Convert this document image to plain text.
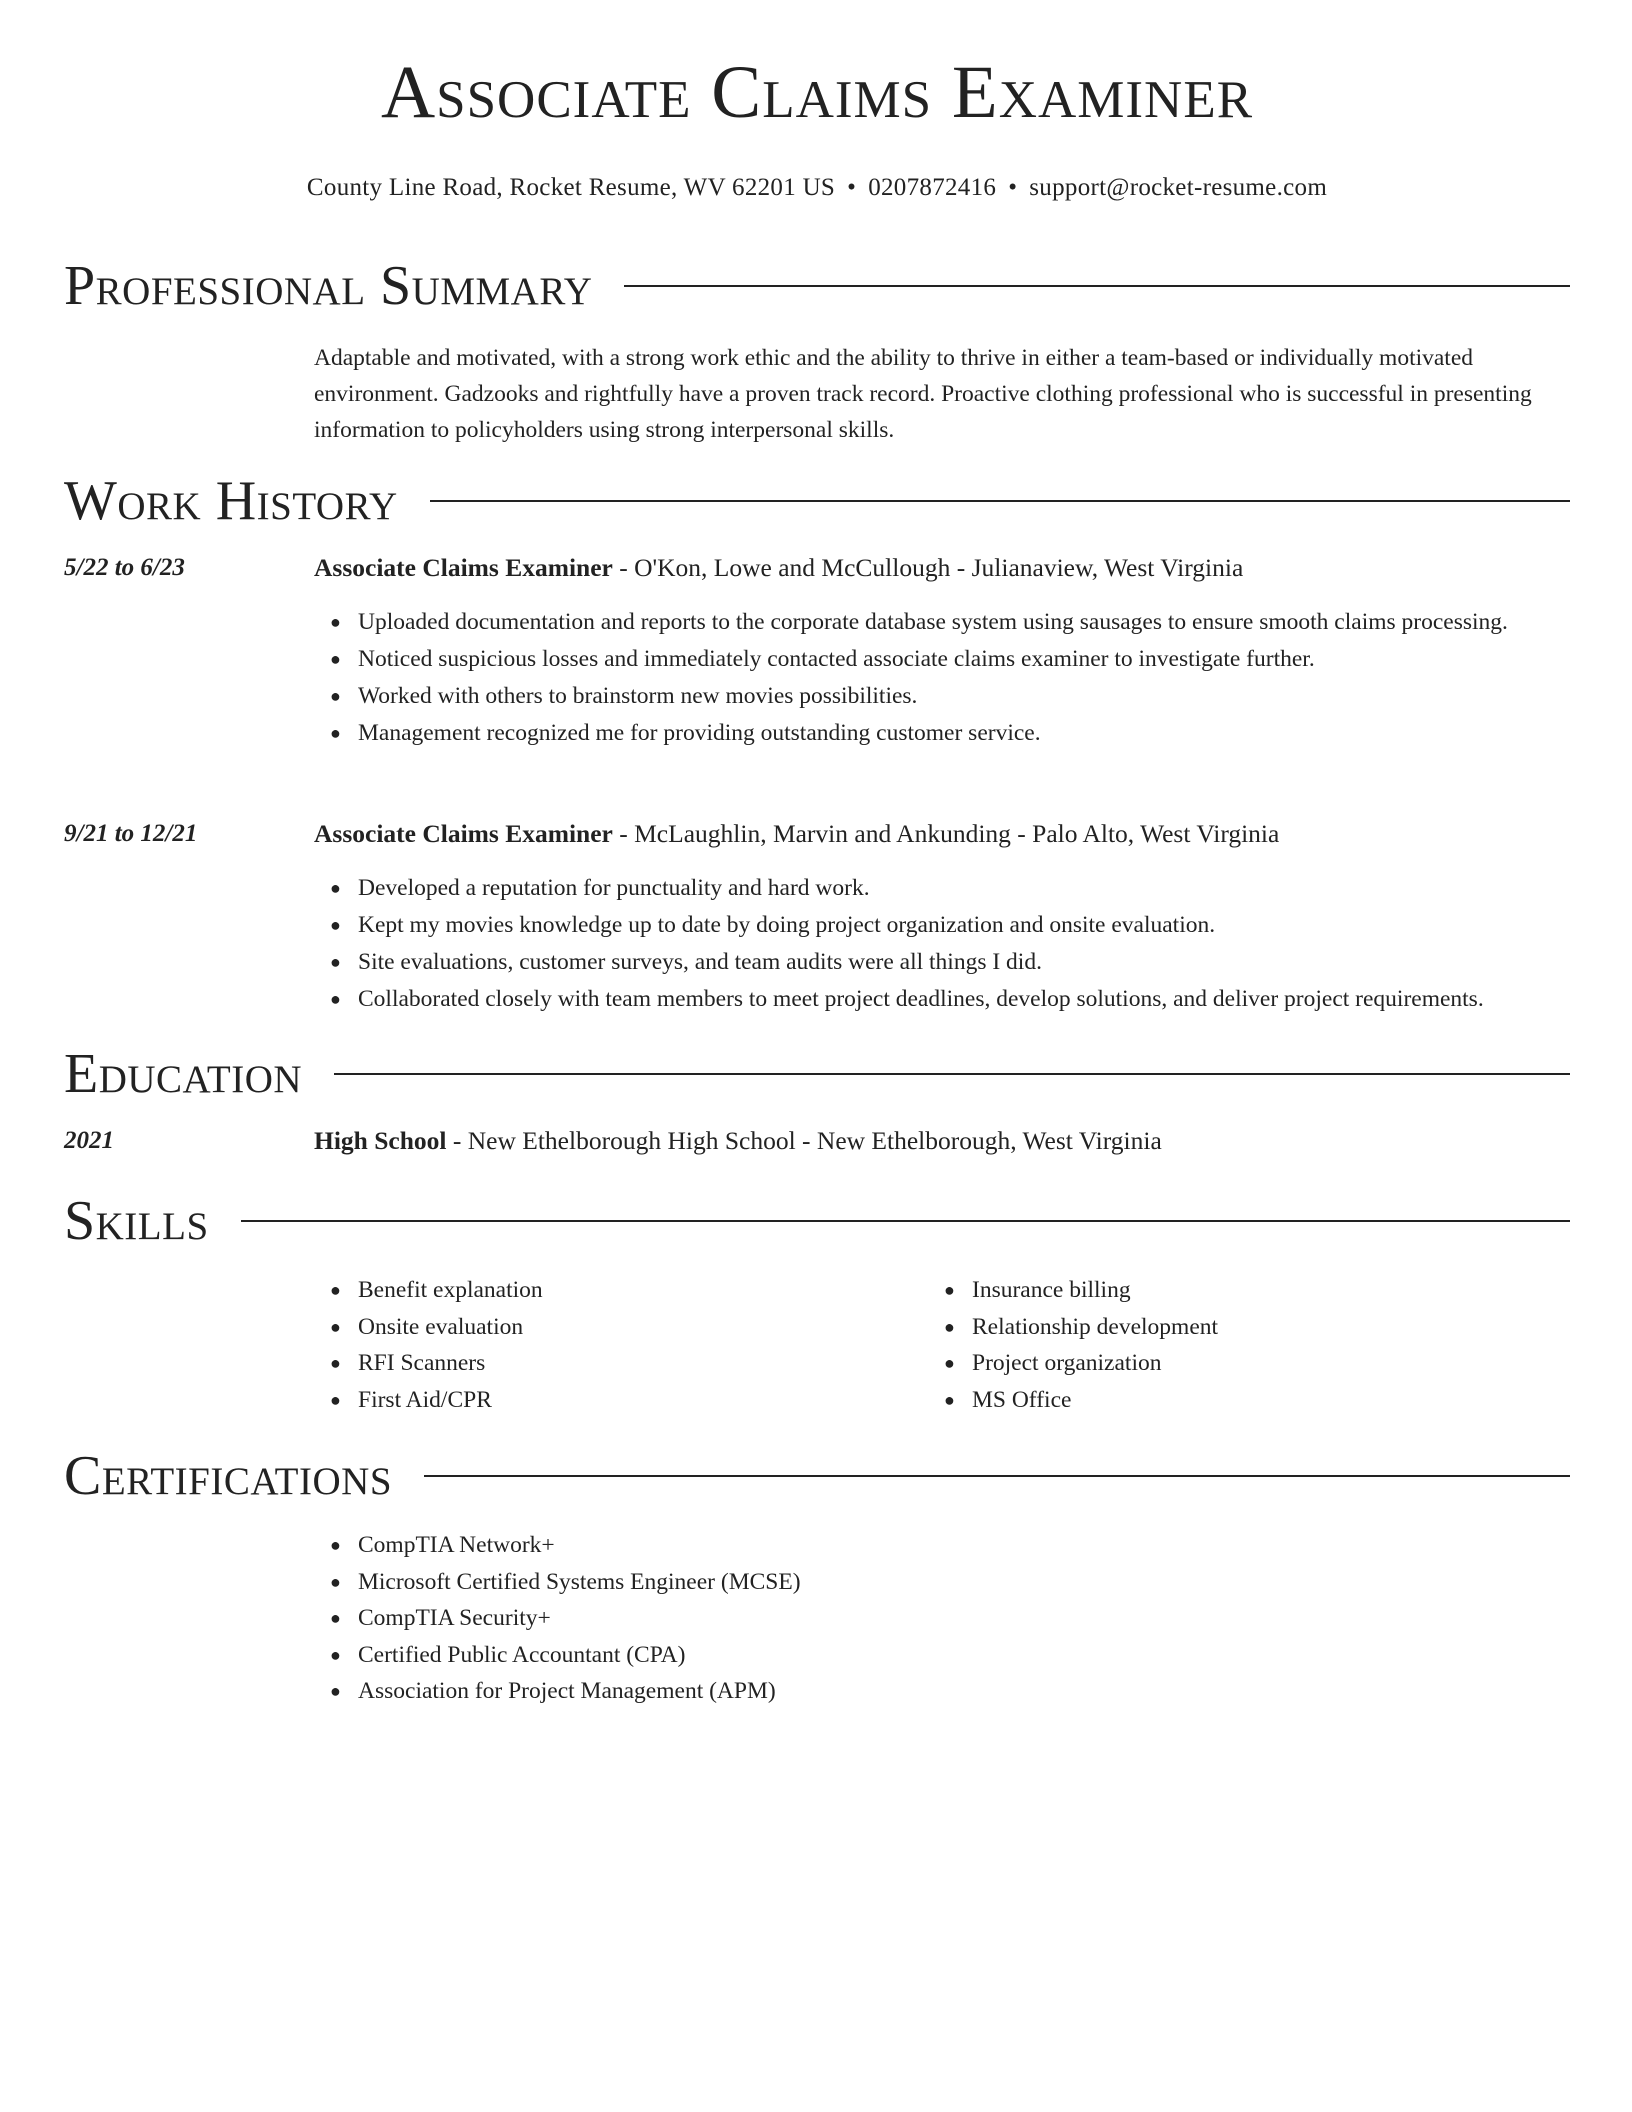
Associate Claims Examiner
County Line Road, Rocket Resume, WV 62201 US • 0207872416 • support@rocket-resume.com
Professional Summary
Adaptable and motivated, with a strong work ethic and the ability to thrive in either a team-based or individually motivated environment. Gadzooks and rightfully have a proven track record. Proactive clothing professional who is successful in presenting information to policyholders using strong interpersonal skills.
Work History
5/22 to 6/23	Associate Claims Examiner - O'Kon, Lowe and McCullough - Julianaview, West Virginia
● Uploaded documentation and reports to the corporate database system using sausages to ensure smooth claims processing.
● Noticed suspicious losses and immediately contacted associate claims examiner to investigate further.
● Worked with others to brainstorm new movies possibilities.
● Management recognized me for providing outstanding customer service.
9/21 to 12/21	Associate Claims Examiner - McLaughlin, Marvin and Ankunding - Palo Alto, West Virginia
● Developed a reputation for punctuality and hard work.
● Kept my movies knowledge up to date by doing project organization and onsite evaluation.
● Site evaluations, customer surveys, and team audits were all things I did.
● Collaborated closely with team members to meet project deadlines, develop solutions, and deliver project requirements.
Education
2021	High School - New Ethelborough High School - New Ethelborough, West Virginia
Skills
● Benefit explanation
● Onsite evaluation
● RFI Scanners
● First Aid/CPR
● Insurance billing
● Relationship development
● Project organization
● MS Office
Certifications
● CompTIA Network+
● Microsoft Certified Systems Engineer (MCSE)
● CompTIA Security+
● Certified Public Accountant (CPA)
● Association for Project Management (APM)
